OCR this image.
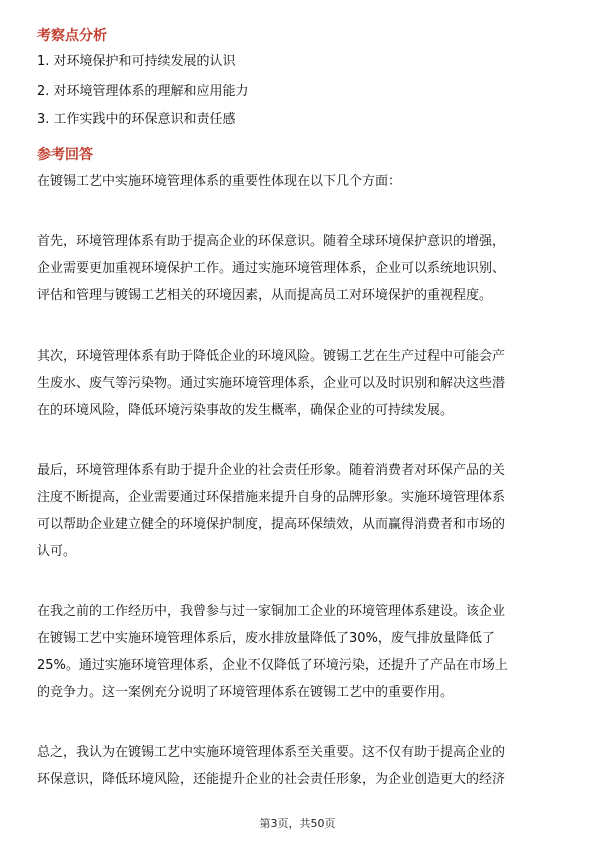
考察点分析
1. 对环境保护和可持续发展的认识
2. 对环境管理体系的理解和应用能力
3. 工作实践中的环保意识和责任感
参考回答
在镀锡工艺中实施环境管理体系的重要性体现在以下几个方面：
首先，环境管理体系有助于提高企业的环保意识。随着全球环境保护意识的增强，
企业需要更加重视环境保护工作。通过实施环境管理体系，企业可以系统地识别、
评估和管理与镀锡工艺相关的环境因素，从而提高员工对环境保护的重视程度。
其次，环境管理体系有助于降低企业的环境风险。镀锡工艺在生产过程中可能会产
生废水、废气等污染物。通过实施环境管理体系，企业可以及时识别和解决这些潜
在的环境风险，降低环境污染事故的发生概率，确保企业的可持续发展。
最后，环境管理体系有助于提升企业的社会责任形象。随着消费者对环保产品的关
注度不断提高，企业需要通过环保措施来提升自身的品牌形象。实施环境管理体系
可以帮助企业建立健全的环境保护制度，提高环保绩效，从而赢得消费者和市场的
认可。
在我之前的工作经历中，我曾参与过一家铜加工企业的环境管理体系建设。该企业
在镀锡工艺中实施环境管理体系后，废水排放量降低了30%，废气排放量降低了
25%。通过实施环境管理体系，企业不仅降低了环境污染，还提升了产品在市场上
的竞争力。这一案例充分说明了环境管理体系在镀锡工艺中的重要作用。
总之，我认为在镀锡工艺中实施环境管理体系至关重要。这不仅有助于提高企业的
环保意识，降低环境风险，还能提升企业的社会责任形象，为企业创造更大的经济
第3页，共50页
